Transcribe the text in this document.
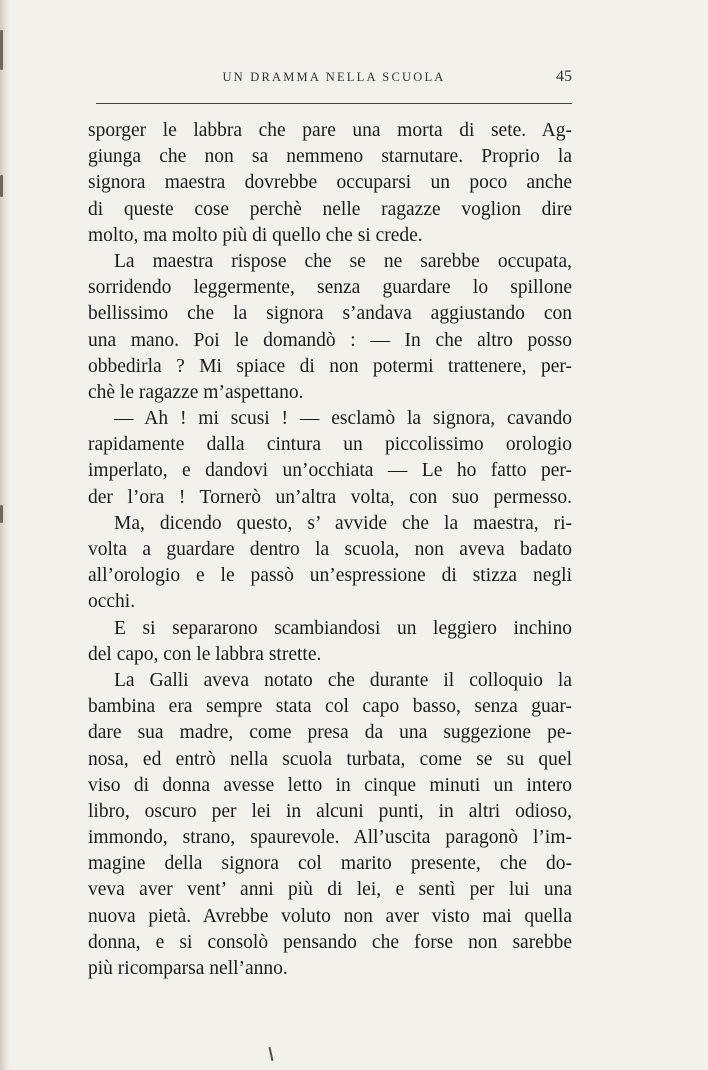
UN DRAMMA NELLA SCUOLA	45
sporger le labbra che pare una morta di sete. Ag-
giunga che non sa nemmeno starnutare. Proprio la
signora maestra dovrebbe occuparsi un poco anche
di queste cose perchè nelle ragazze voglion dire
molto, ma molto più di quello che si crede.
La maestra rispose che se ne sarebbe occupata,
sorridendo leggermente, senza guardare lo spillone
bellissimo che la signora s’andava aggiustando con
una mano. Poi le domandò : — In che altro posso
obbedirla ? Mi spiace di non potermi trattenere, per-
chè le ragazze m’aspettano.
— Ah ! mi scusi ! — esclamò la signora, cavando
rapidamente dalla cintura un piccolissimo orologio
imperlato, e dandovi un’occhiata — Le ho fatto per-
der l’ora ! Tornerò un’altra volta, con suo permesso.
Ma, dicendo questo, s’ avvide che la maestra, ri-
volta a guardare dentro la scuola, non aveva badato
all’orologio e le passò un’espressione di stizza negli
occhi.
E si separarono scambiandosi un leggiero inchino
del capo, con le labbra strette.
La Galli aveva notato che durante il colloquio la
bambina era sempre stata col capo basso, senza guar-
dare sua madre, come presa da una suggezione pe-
nosa, ed entrò nella scuola turbata, come se su quel
viso di donna avesse letto in cinque minuti un intero
libro, oscuro per lei in alcuni punti, in altri odioso,
immondo, strano, spaurevole. All’uscita paragonò l’im-
magine della signora col marito presente, che do-
veva aver vent’ anni più di lei, e sentì per lui una
nuova pietà. Avrebbe voluto non aver visto mai quella
donna, e si consolò pensando che forse non sarebbe
più ricomparsa nell’anno.
